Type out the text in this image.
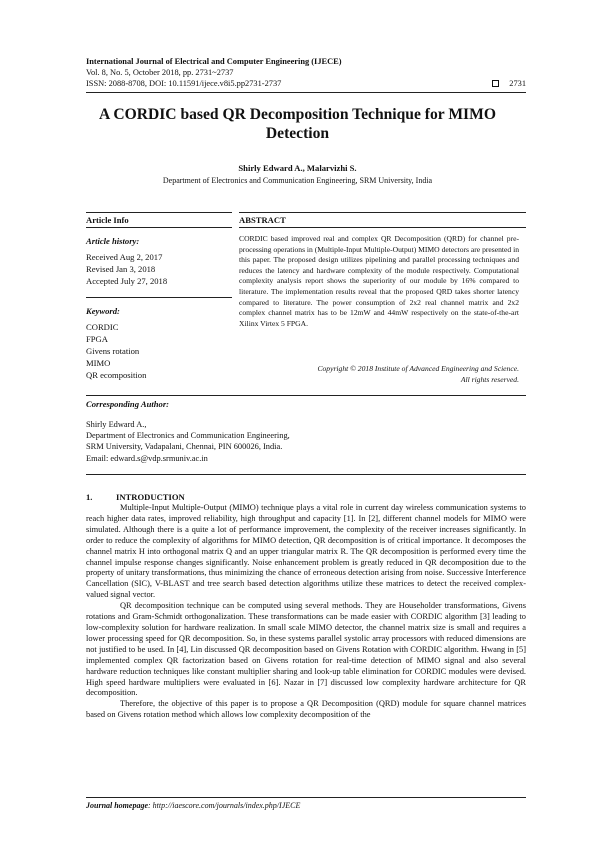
International Journal of Electrical and Computer Engineering (IJECE)
Vol. 8, No. 5, October 2018, pp. 2731~2737
ISSN: 2088-8708, DOI: 10.11591/ijece.v8i5.pp2731-2737	2731
A CORDIC based QR Decomposition Technique for MIMO
Detection
Shirly Edward A., Malarvizhi S.
Department of Electronics and Communication Engineering, SRM University, India
Article Info	ABSTRACT
Article history:
Received Aug 2, 2017
Revised Jan 3, 2018
Accepted July 27, 2018
Keyword:
CORDIC
FPGA
Givens rotation
MIMO
QR ecomposition
CORDIC based improved real and complex QR Decomposition (QRD) for channel pre-processing operations in (Multiple-Input Multiple-Output) MIMO detectors are presented in this paper. The proposed design utilizes pipelining and parallel processing techniques and reduces the latency and hardware complexity of the module respectively. Computational complexity analysis report shows the superiority of our module by 16% compared to literature. The implementation results reveal that the proposed QRD takes shorter latency compared to literature. The power consumption of 2x2 real channel matrix and 2x2 complex channel matrix has to be 12mW and 44mW respectively on the state-of-the-art Xilinx Virtex 5 FPGA.
Copyright © 2018 Institute of Advanced Engineering and Science.
All rights reserved.
Corresponding Author:
Shirly Edward A.,
Department of Electronics and Communication Engineering,
SRM University, Vadapalani, Chennai, PIN 600026, India.
Email: edward.s@vdp.srmuniv.ac.in
1.	INTRODUCTION

Multiple-Input Multiple-Output (MIMO) technique plays a vital role in current day wireless communication systems to reach higher data rates, improved reliability, high throughput and capacity [1]. In [2], different channel models for MIMO were simulated. Although there is a quite a lot of performance improvement, the complexity of the receiver increases significantly. In order to reduce the complexity of algorithms for MIMO detection, QR decomposition is of critical importance. It decomposes the channel matrix H into orthogonal matrix Q and an upper triangular matrix R. The QR decomposition is performed every time the channel impulse response changes significantly. Noise enhancement problem is greatly reduced in QR decomposition due to the property of unitary transformations, thus minimizing the chance of erroneous detection arising from noise. Successive Interference Cancellation (SIC), V-BLAST and tree search based detection algorithms utilize these matrices to detect the received complex-valued signal vector.

QR decomposition technique can be computed using several methods. They are Householder transformations, Givens rotations and Gram-Schmidt orthogonalization. These transformations can be made easier with CORDIC algorithm [3] leading to low-complexity solution for hardware realization. In small scale MIMO detector, the channel matrix size is small and requires a lower processing speed for QR decomposition. So, in these systems parallel systolic array processors with reduced dimensions are not justified to be used. In [4], Lin discussed QR decomposition based on Givens Rotation with CORDIC algorithm. Hwang in [5] implemented complex QR factorization based on Givens rotation for real-time detection of MIMO signal and also several hardware reduction techniques like constant multiplier sharing and look-up table elimination for CORDIC modules were devised. High speed hardware multipliers were evaluated in [6]. Nazar in [7] discussed low complexity hardware architecture for QR decomposition.

Therefore, the objective of this paper is to propose a QR Decomposition (QRD) module for square channel matrices based on Givens rotation method which allows low complexity decomposition of the

Journal homepage: http://iaescore.com/journals/index.php/IJECE
